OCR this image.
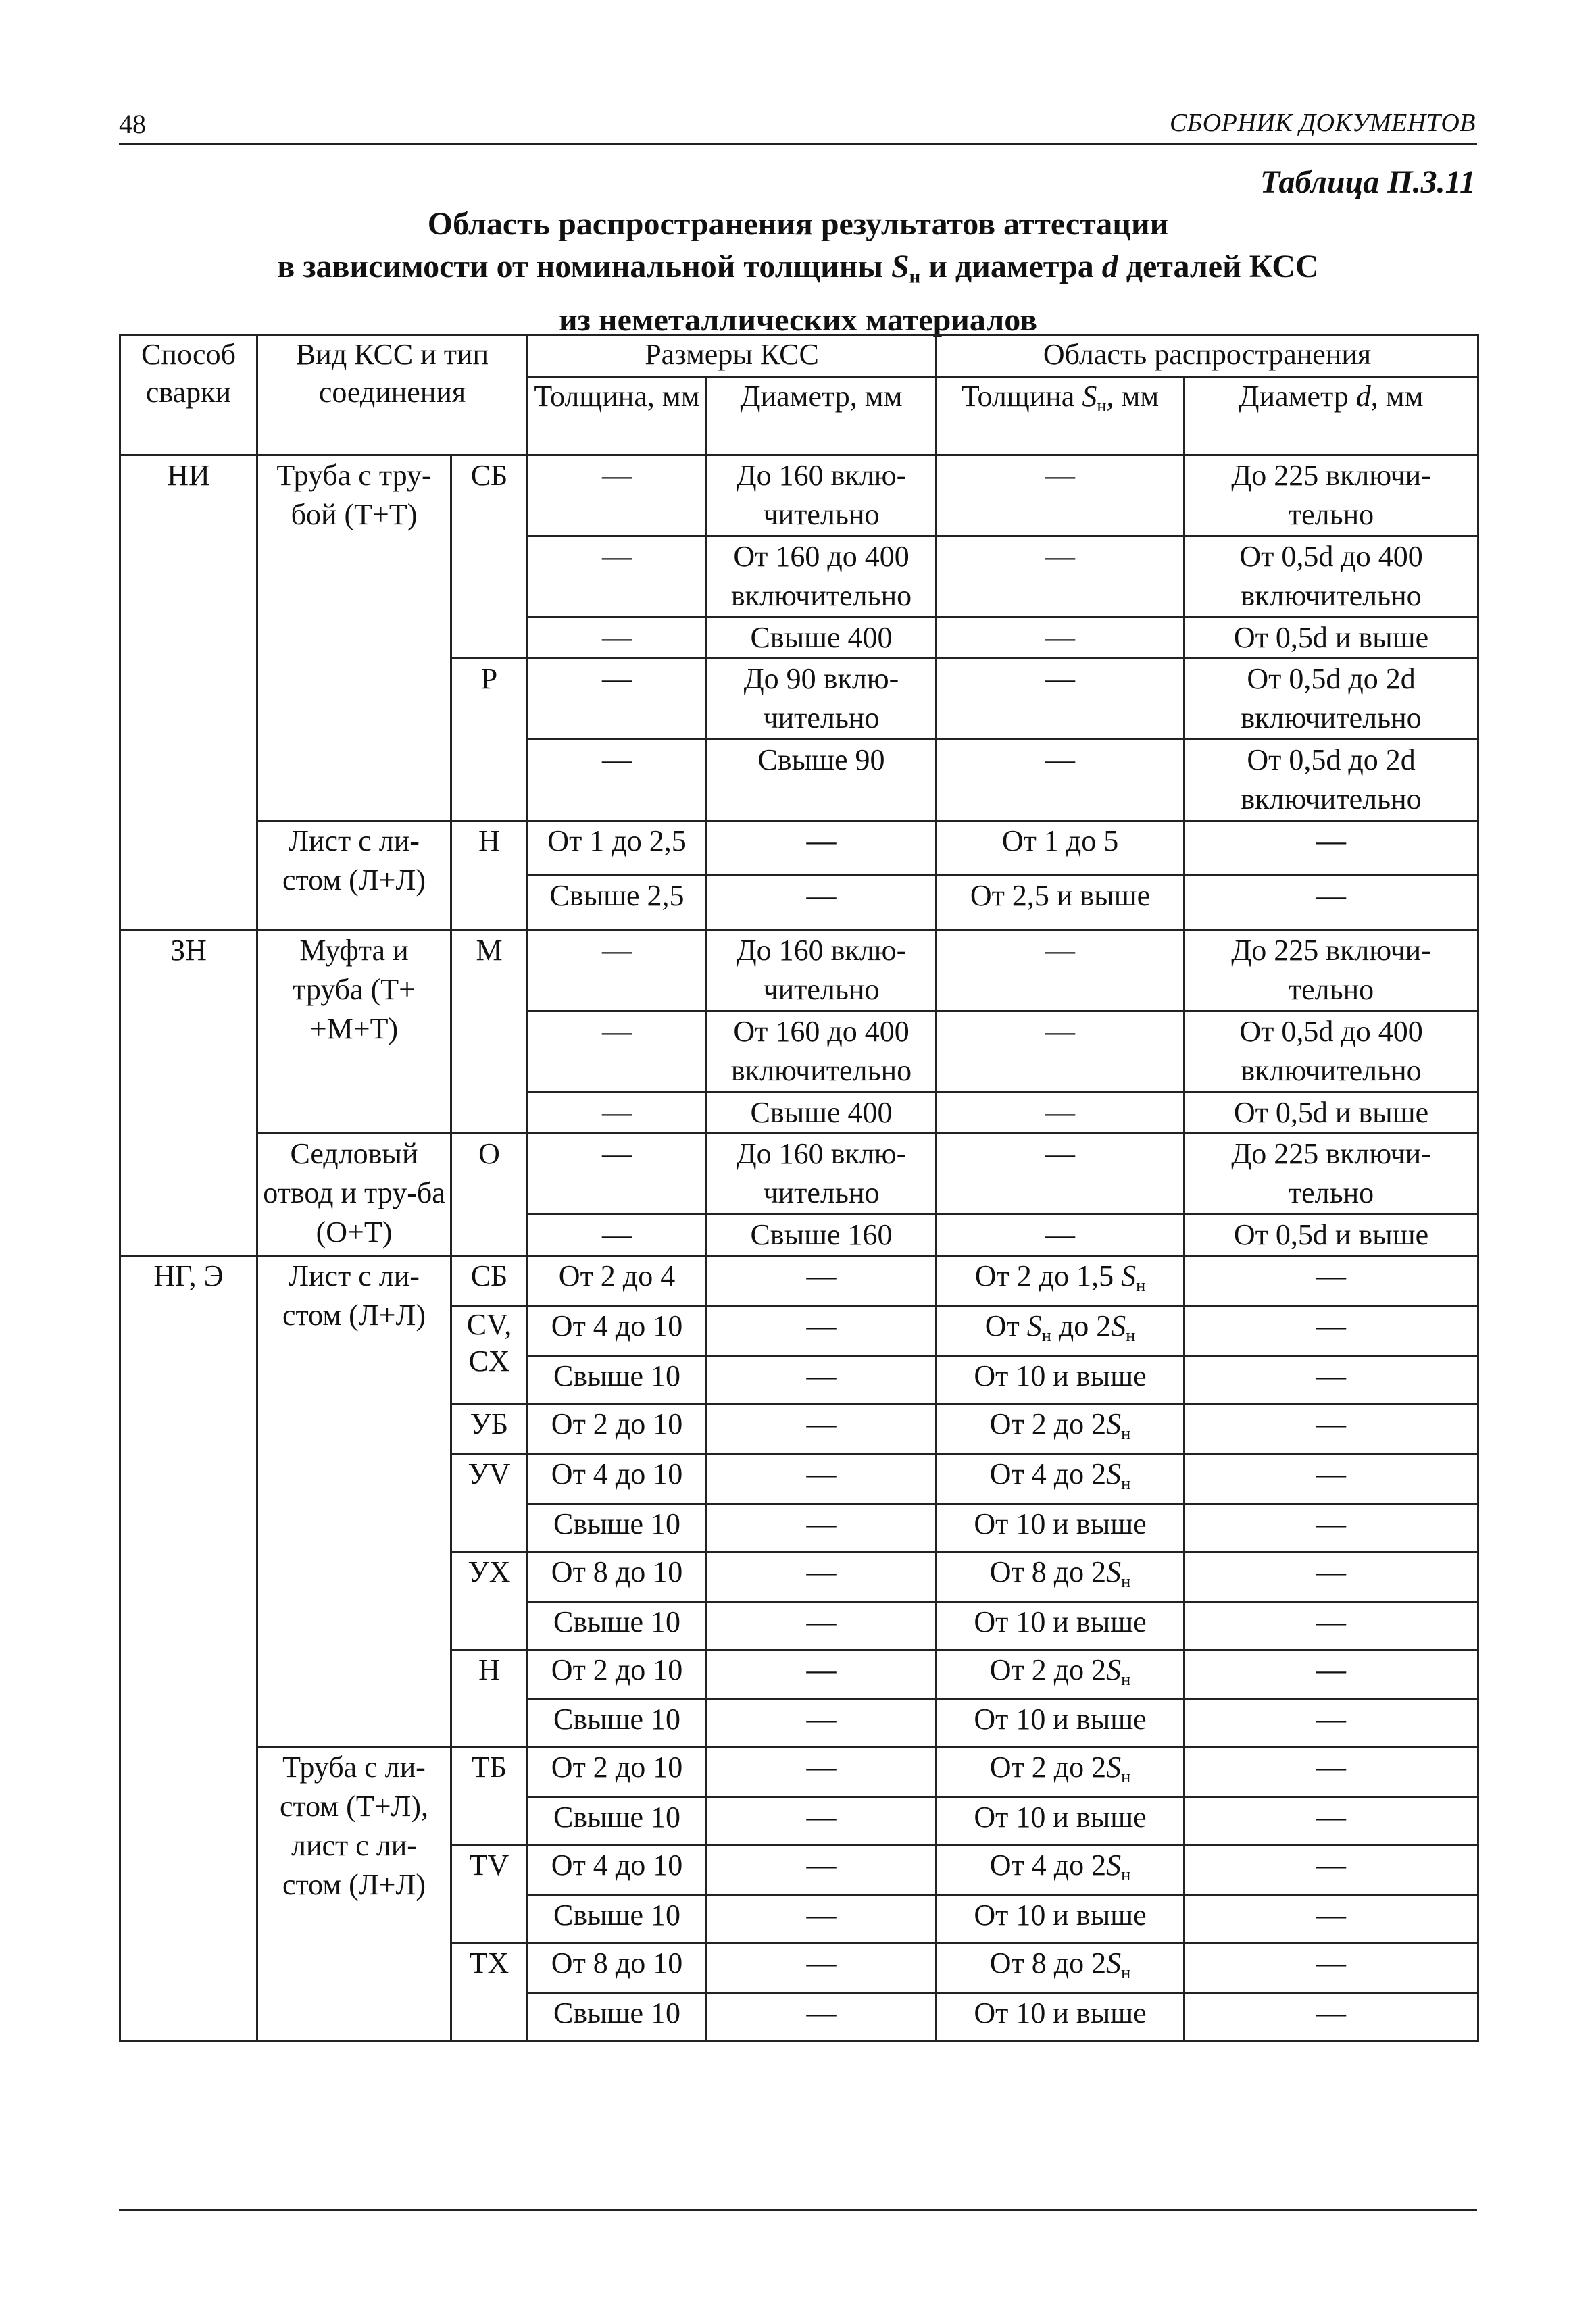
48	СБОРНИК ДОКУМЕНТОВ
Таблица П.3.11
Область распространения результатов аттестации
в зависимости от номинальной толщины $S_н$ и диаметра d деталей КСС
из неметаллических материалов
Способ сварки	Вид КСС и тип соединения		Размеры КСС		Область распространения	
			Толщина, мм	Диаметр, мм	Толщина $S_н$, мм	Диаметр d, мм
НИ	Труба с тру-бой (Т+Т)	СБ	—	До 160 вклю-чительно	—	До 225 включи-тельно
			—	От 160 до 400 включительно	—	От 0,5d до 400 включительно
			—	Свыше 400	—	От 0,5d и выше
		Р	—	До 90 вклю-чительно	—	От 0,5d до 2d включительно
			—	Свыше 90	—	От 0,5d до 2d включительно
	Лист с ли-стом (Л+Л)	Н	От 1 до 2,5	—	От 1 до 5	—
			Свыше 2,5	—	От 2,5 и выше	—
ЗН	Муфта и труба (Т+ +М+Т)	М	—	До 160 вклю-чительно	—	До 225 включи-тельно
			—	От 160 до 400 включительно	—	От 0,5d до 400 включительно
			—	Свыше 400	—	От 0,5d и выше
	Седловый отвод и тру-ба (О+Т)	О	—	До 160 вклю-чительно	—	До 225 включи-тельно
			—	Свыше 160	—	От 0,5d и выше
НГ, Э	Лист с ли-стом (Л+Л)	СБ	От 2 до 4	—	От 2 до 1,5 $S_н$	—
		CV, CX	От 4 до 10	—	От $S_н$ до $2S_н$	—
			Свыше 10	—	От 10 и выше	—
		УБ	От 2 до 10	—	От 2 до $2S_н$	—
		УV	От 4 до 10	—	От 4 до $2S_н$	—
			Свыше 10	—	От 10 и выше	—
		УХ	От 8 до 10	—	От 8 до $2S_н$	—
			Свыше 10	—	От 10 и выше	—
		Н	От 2 до 10	—	От 2 до $2S_н$	—
			Свыше 10	—	От 10 и выше	—
	Труба с ли-стом (Т+Л), лист с ли-стом (Л+Л)	ТБ	От 2 до 10	—	От 2 до $2S_н$	—
			Свыше 10	—	От 10 и выше	—
		ТV	От 4 до 10	—	От 4 до $2S_н$	—
			Свыше 10	—	От 10 и выше	—
		ТХ	От 8 до 10	—	От 8 до $2S_н$	—
			Свыше 10	—	От 10 и выше	—
